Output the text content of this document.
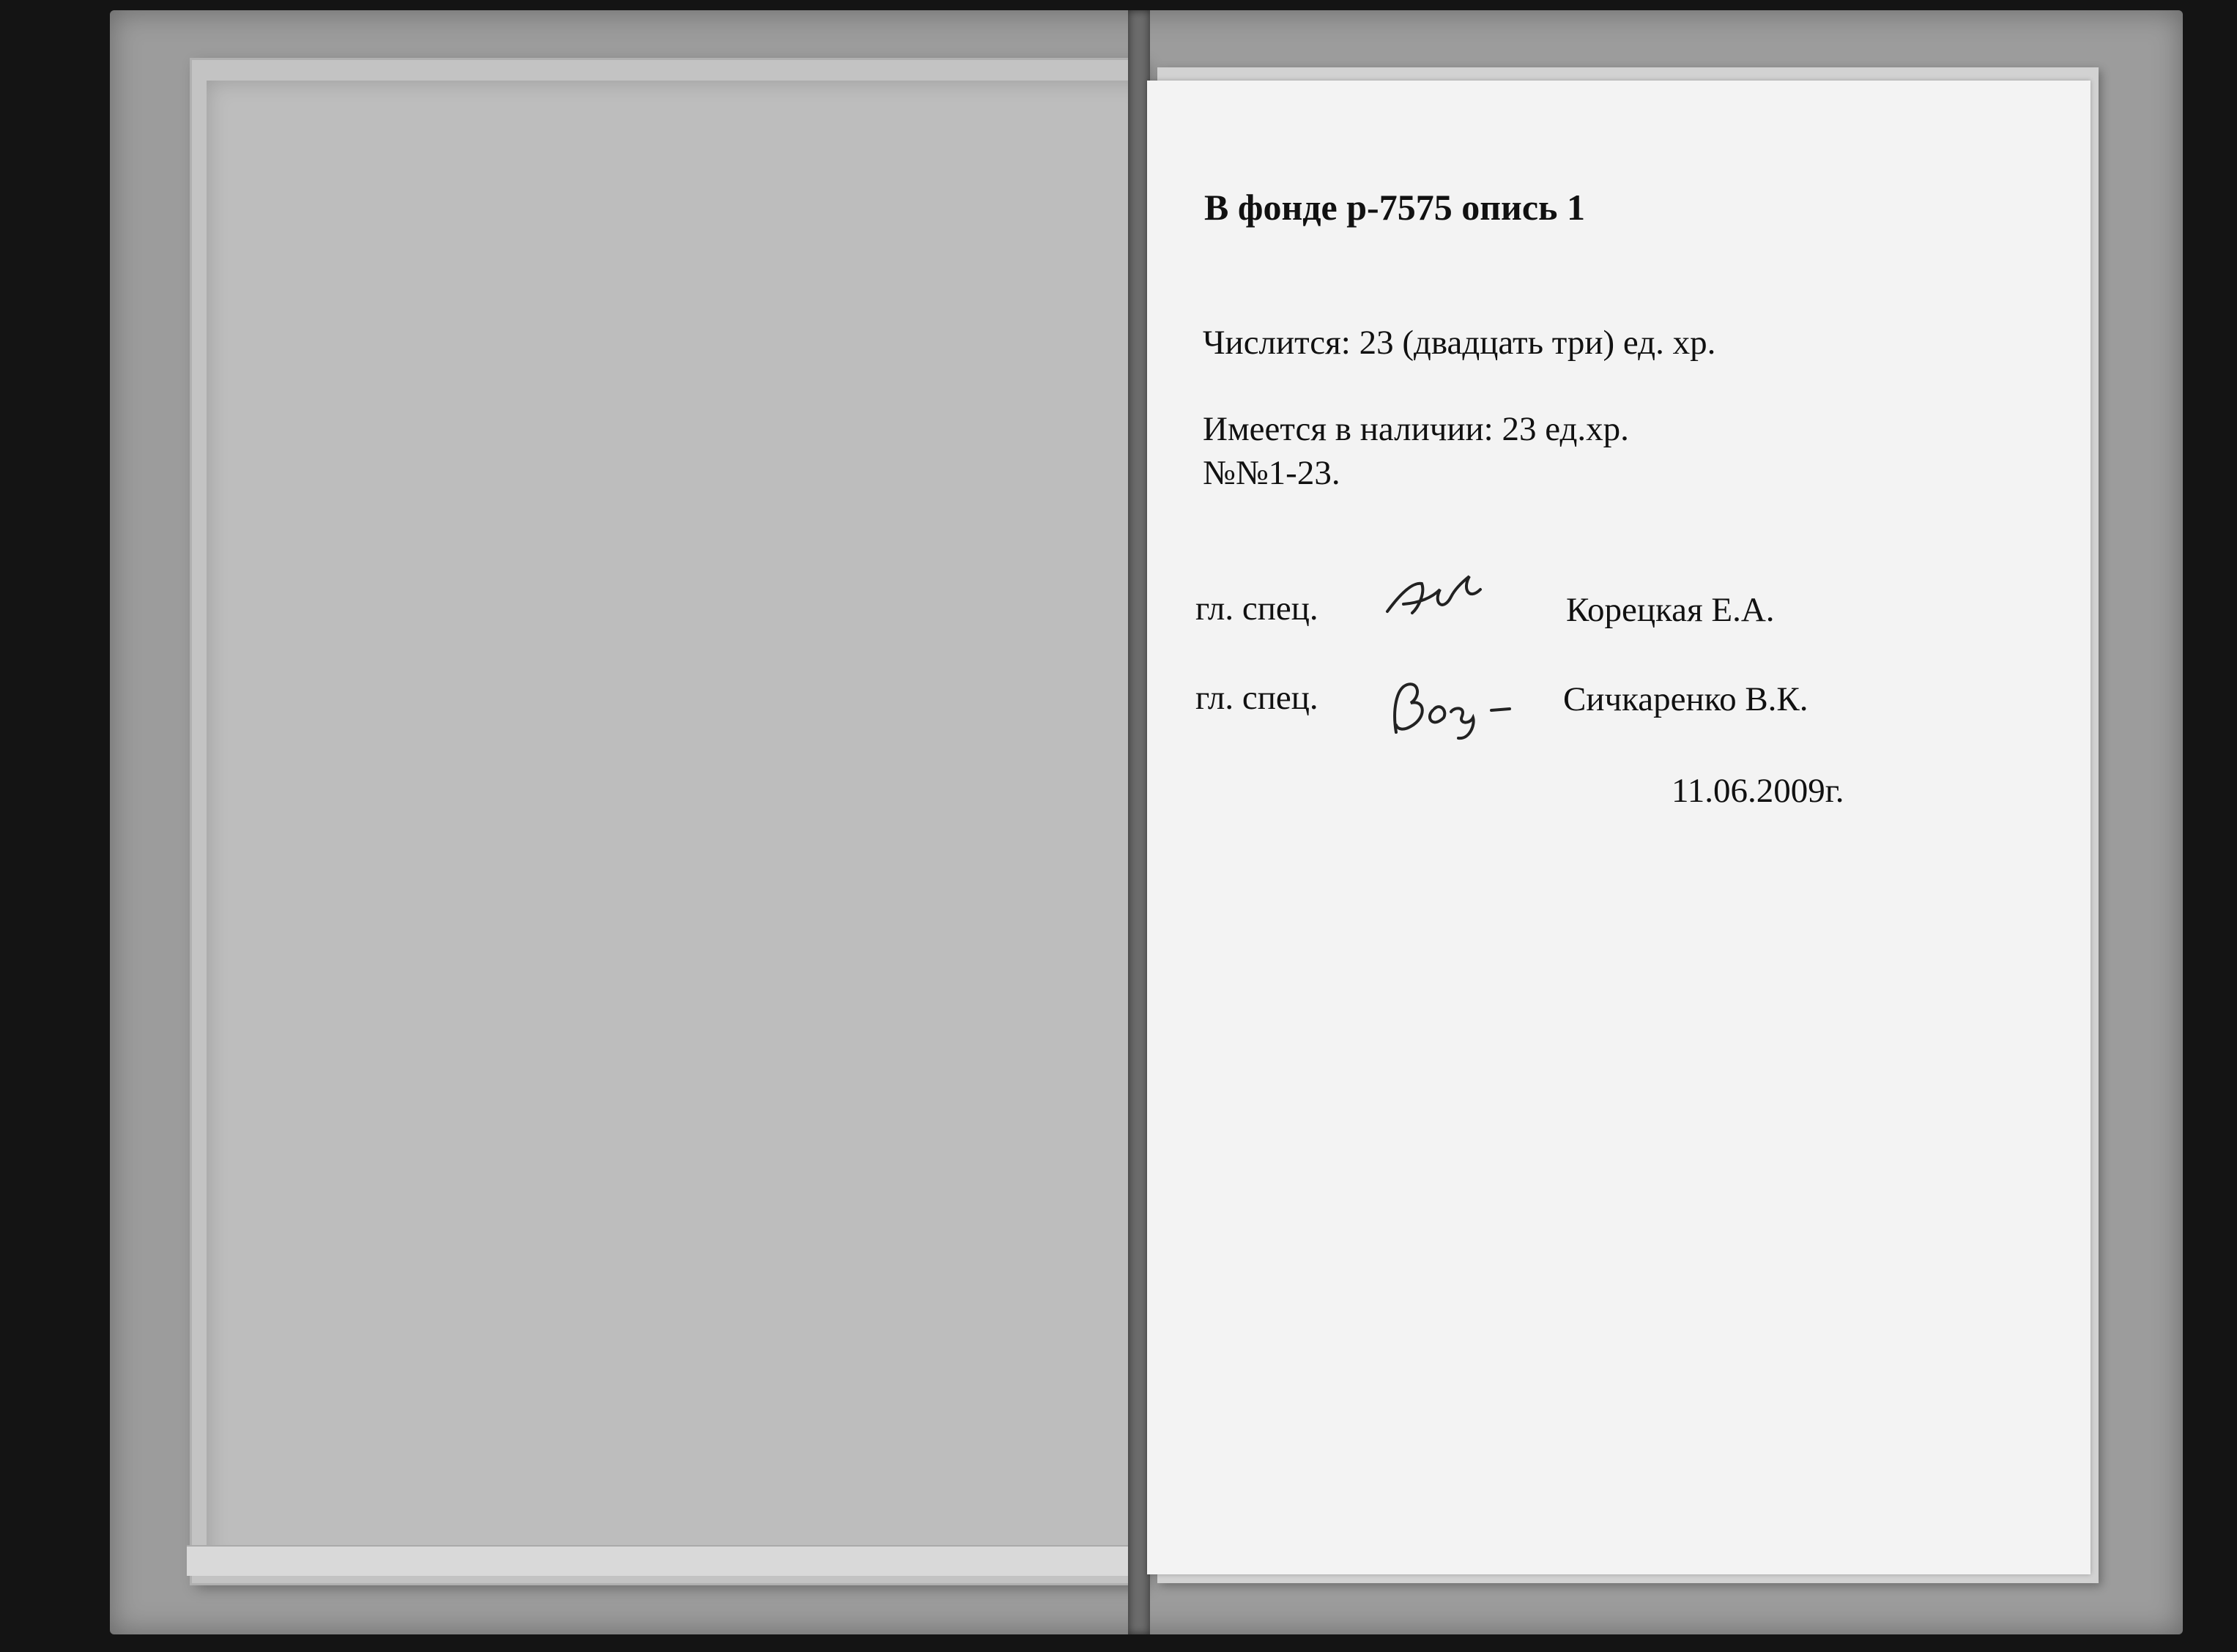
В фонде р-7575 опись 1
Числится: 23 (двадцать три) ед. хр.
Имеется в наличии: 23 ед.хр.
№№1-23.
гл. спец.	Корецкая Е.А.
гл. спец.	Сичкаренко В.К.
11.06.2009г.
